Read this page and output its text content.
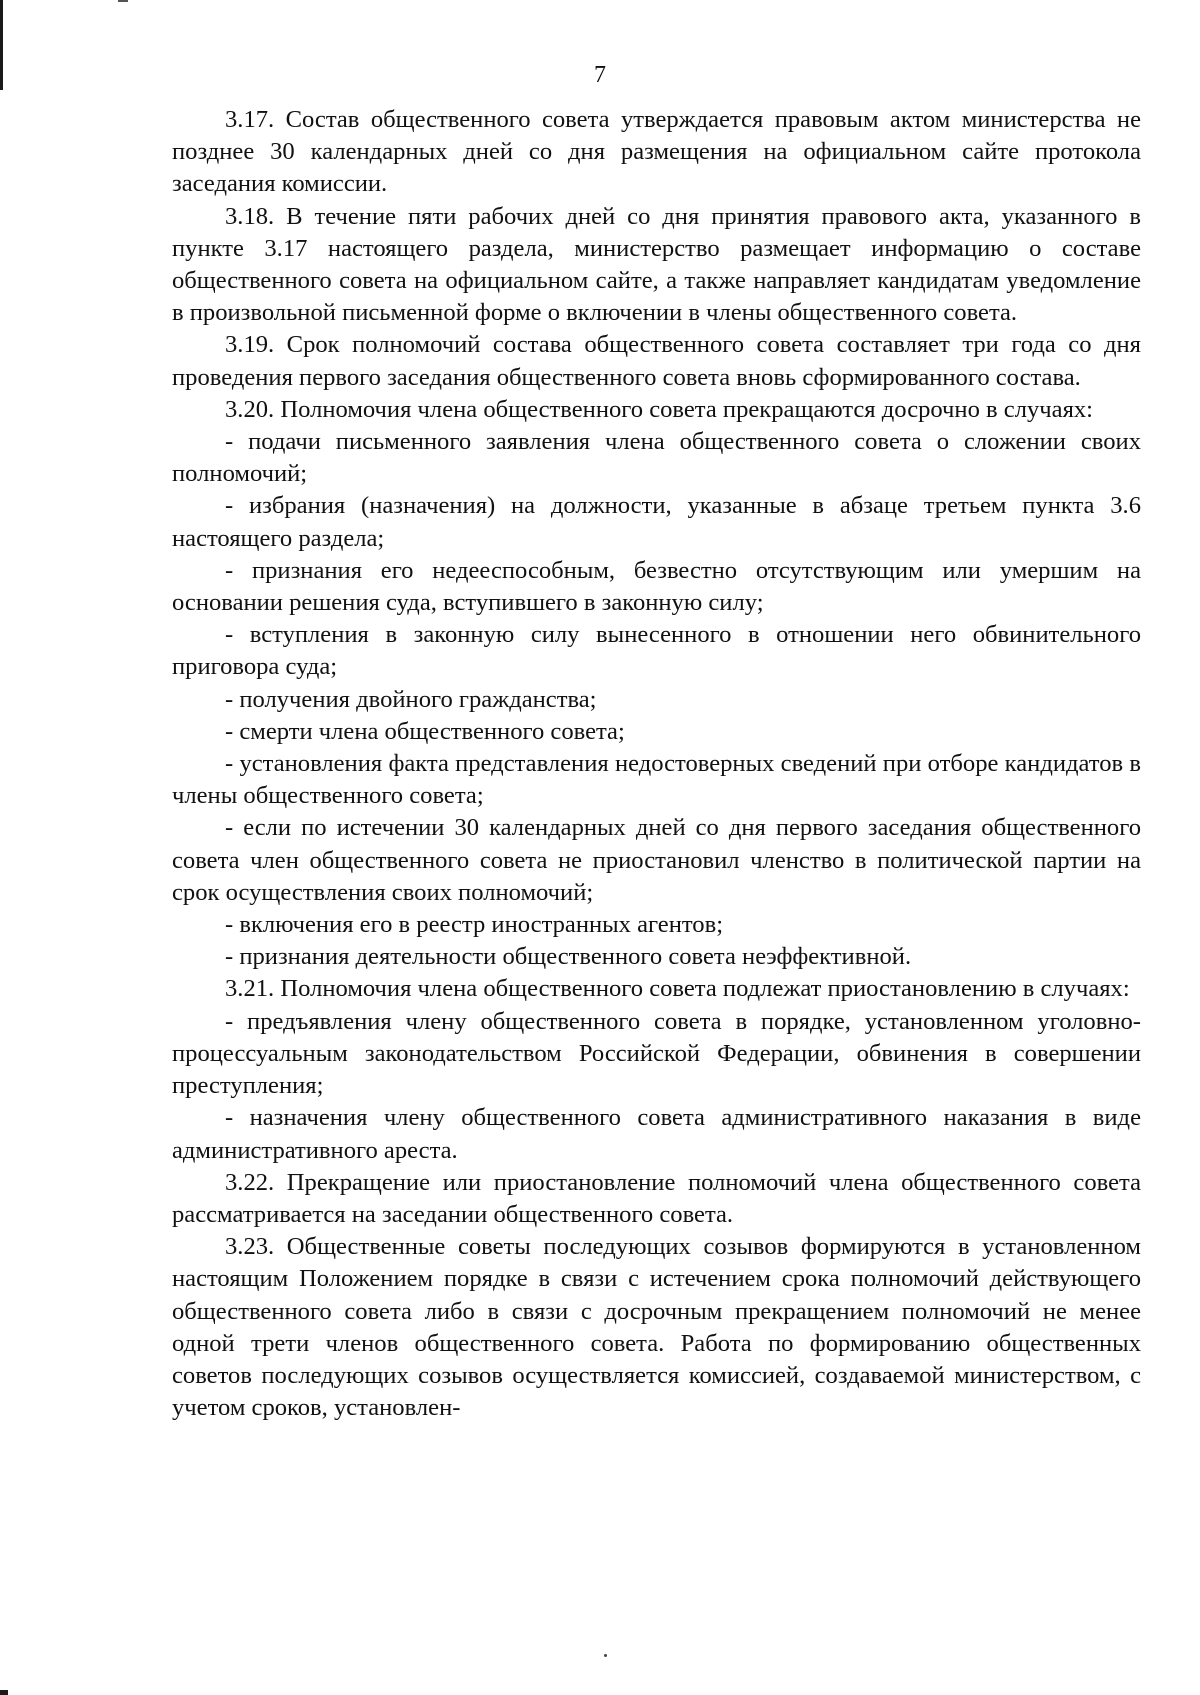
7

3.17. Состав общественного совета утверждается правовым актом министерства не позднее 30 календарных дней со дня размещения на официальном сайте протокола заседания комиссии.

3.18. В течение пяти рабочих дней со дня принятия правового акта, указанного в пункте 3.17 настоящего раздела, министерство размещает информацию о составе общественного совета на официальном сайте, а также направляет кандидатам уведомление в произвольной письменной форме о включении в члены общественного совета.

3.19. Срок полномочий состава общественного совета составляет три года со дня проведения первого заседания общественного совета вновь сформированного состава.

3.20. Полномочия члена общественного совета прекращаются досрочно в случаях:

- подачи письменного заявления члена общественного совета о сложении своих полномочий;

- избрания (назначения) на должности, указанные в абзаце третьем пункта 3.6 настоящего раздела;

- признания его недееспособным, безвестно отсутствующим или умершим на основании решения суда, вступившего в законную силу;

- вступления в законную силу вынесенного в отношении него обвинительного приговора суда;

- получения двойного гражданства;

- смерти члена общественного совета;

- установления факта представления недостоверных сведений при отборе кандидатов в члены общественного совета;

- если по истечении 30 календарных дней со дня первого заседания общественного совета член общественного совета не приостановил членство в политической партии на срок осуществления своих полномочий;

- включения его в реестр иностранных агентов;

- признания деятельности общественного совета неэффективной.

3.21. Полномочия члена общественного совета подлежат приостановлению в случаях:

- предъявления члену общественного совета в порядке, установленном уголовно-процессуальным законодательством Российской Федерации, обвинения в совершении преступления;

- назначения члену общественного совета административного наказания в виде административного ареста.

3.22. Прекращение или приостановление полномочий члена общественного совета рассматривается на заседании общественного совета.

3.23. Общественные советы последующих созывов формируются в установленном настоящим Положением порядке в связи с истечением срока полномочий действующего общественного совета либо в связи с досрочным прекращением полномочий не менее одной трети членов общественного совета. Работа по формированию общественных советов последующих созывов осуществляется комиссией, создаваемой министерством, с учетом сроков, установлен-
